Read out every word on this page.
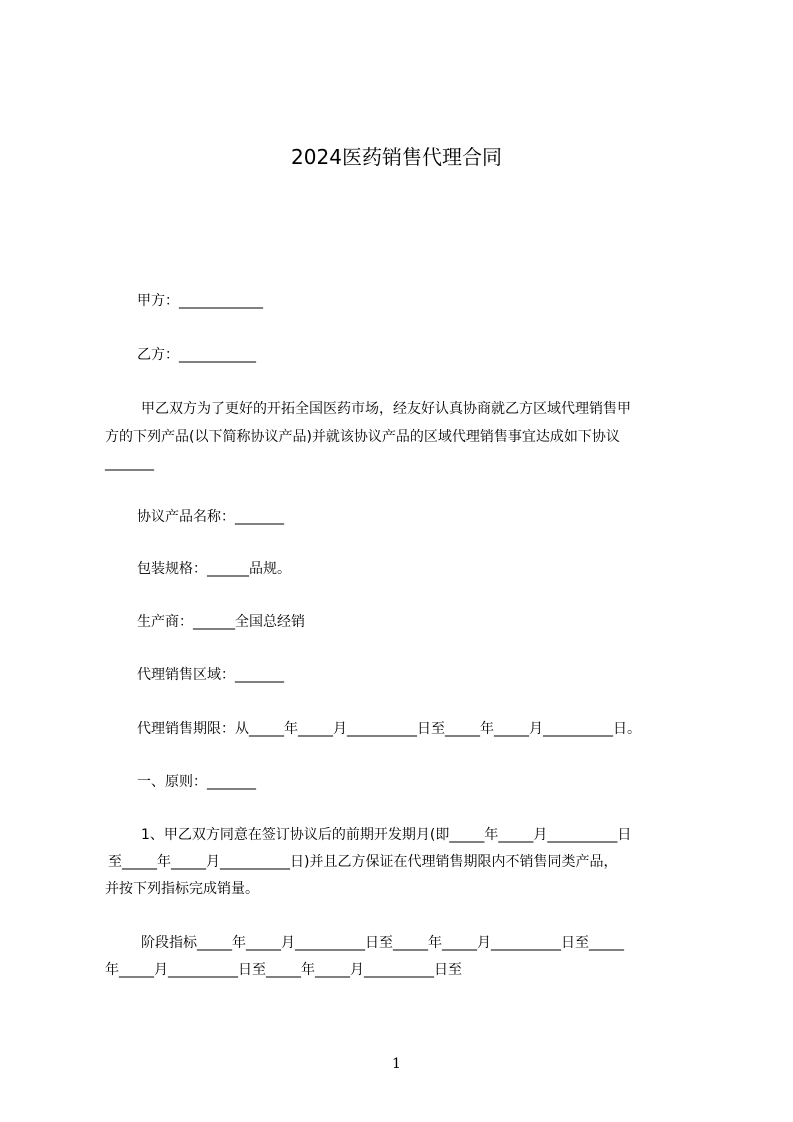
2024医药销售代理合同
甲方：____________
乙方：___________
甲乙双方为了更好的开拓全国医药市场，经友好认真协商就乙方区域代理销售甲
方的下列产品(以下简称协议产品)并就该协议产品的区域代理销售事宜达成如下协议
_______
协议产品名称：_______
包装规格：______品规。
生产商：______全国总经销
代理销售区域：_______
代理销售期限：从_____年_____月__________日至_____年_____月__________日。
一、原则：_______
1、甲乙双方同意在签订协议后的前期开发期月(即_____年_____月__________日
至_____年_____月__________日)并且乙方保证在代理销售期限内不销售同类产品，
并按下列指标完成销量。
阶段指标_____年_____月__________日至_____年_____月__________日至_____
年_____月__________日至_____年_____月__________日至
1
